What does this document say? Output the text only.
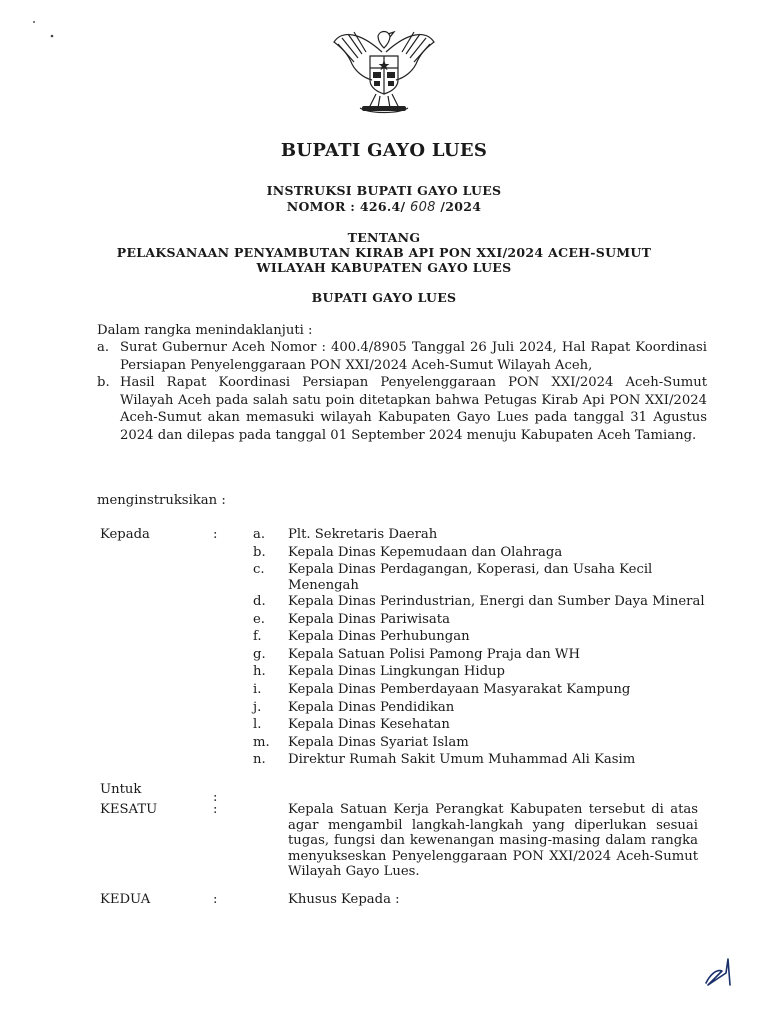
BUPATI GAYO LUES
INSTRUKSI BUPATI GAYO LUES
NOMOR : 426.4/ 608 /2024
TENTANG
PELAKSANAAN PENYAMBUTAN KIRAB API PON XXI/2024 ACEH-SUMUT
WILAYAH KABUPATEN GAYO LUES
BUPATI GAYO LUES
Dalam rangka menindaklanjuti :
a. Surat Gubernur Aceh Nomor : 400.4/8905 Tanggal 26 Juli 2024, Hal Rapat Koordinasi Persiapan Penyelenggaraan PON XXI/2024 Aceh-Sumut Wilayah Aceh,
b. Hasil Rapat Koordinasi Persiapan Penyelenggaraan PON XXI/2024 Aceh-Sumut Wilayah Aceh pada salah satu poin ditetapkan bahwa Petugas Kirab Api PON XXI/2024 Aceh-Sumut akan memasuki wilayah Kabupaten Gayo Lues pada tanggal 31 Agustus 2024 dan dilepas pada tanggal 01 September 2024 menuju Kabupaten Aceh Tamiang.
menginstruksikan :
Kepada	:	a.	Plt. Sekretaris Daerah
b.	Kepala Dinas Kepemudaan dan Olahraga
c.	Kepala Dinas Perdagangan, Koperasi, dan Usaha Kecil Menengah
d.	Kepala Dinas Perindustrian, Energi dan Sumber Daya Mineral
e.	Kepala Dinas Pariwisata
f.	Kepala Dinas Perhubungan
g.	Kepala Satuan Polisi Pamong Praja dan WH
h.	Kepala Dinas Lingkungan Hidup
i.	Kepala Dinas Pemberdayaan Masyarakat Kampung
j.	Kepala Dinas Pendidikan
l.	Kepala Dinas Kesehatan
m.	Kepala Dinas Syariat Islam
n.	Direktur Rumah Sakit Umum Muhammad Ali Kasim
Untuk
:
KESATU	:	Kepala Satuan Kerja Perangkat Kabupaten tersebut di atas agar mengambil langkah-langkah yang diperlukan sesuai tugas, fungsi dan kewenangan masing-masing dalam rangka menyukseskan Penyelenggaraan PON XXI/2024 Aceh-Sumut Wilayah Gayo Lues.
KEDUA	:	Khusus Kepada :
